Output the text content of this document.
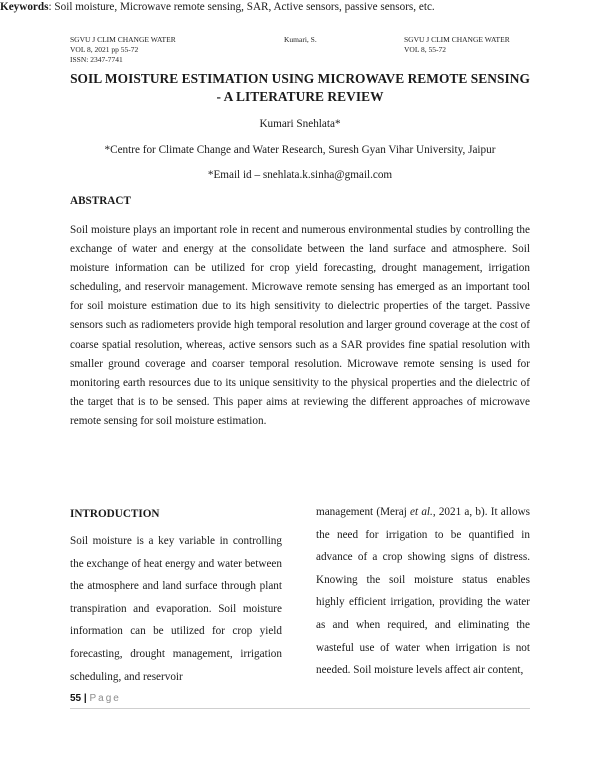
SGVU J CLIM CHANGE WATER
VOL 8, 2021 pp 55-72
ISSN: 2347-7741
Kumari, S.	SGVU J CLIM CHANGE WATER
VOL 8, 55-72
SOIL MOISTURE ESTIMATION USING MICROWAVE REMOTE SENSING - A LITERATURE REVIEW
Kumari Snehlata*
*Centre for Climate Change and Water Research, Suresh Gyan Vihar University, Jaipur
*Email id – snehlata.k.sinha@gmail.com
ABSTRACT

Soil moisture plays an important role in recent and numerous environmental studies by controlling the exchange of water and energy at the consolidate between the land surface and atmosphere. Soil moisture information can be utilized for crop yield forecasting, drought management, irrigation scheduling, and reservoir management. Microwave remote sensing has emerged as an important tool for soil moisture estimation due to its high sensitivity to dielectric properties of the target. Passive sensors such as radiometers provide high temporal resolution and larger ground coverage at the cost of coarse spatial resolution, whereas, active sensors such as a SAR provides fine spatial resolution with smaller ground coverage and coarser temporal resolution. Microwave remote sensing is used for monitoring earth resources due to its unique sensitivity to the physical properties and the dielectric of the target that is to be sensed. This paper aims at reviewing the different approaches of microwave remote sensing for soil moisture estimation.

Keywords: Soil moisture, Microwave remote sensing, SAR, Active sensors, passive sensors, etc.
INTRODUCTION

Soil moisture is a key variable in controlling the exchange of heat energy and water between the atmosphere and land surface through plant transpiration and evaporation. Soil moisture information can be utilized for crop yield forecasting, drought management, irrigation scheduling, and reservoir

management (Meraj et al., 2021 a, b). It allows the need for irrigation to be quantified in advance of a crop showing signs of distress. Knowing the soil moisture status enables highly efficient irrigation, providing the water as and when required, and eliminating the wasteful use of water when irrigation is not needed. Soil moisture levels affect air content,

55 | Page
